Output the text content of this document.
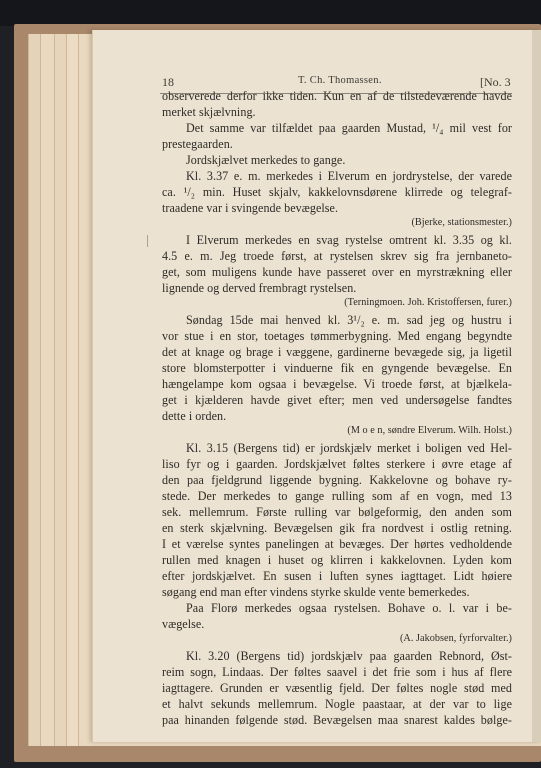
18	T. Ch. Thomassen.	[No. 3
observerede derfor ikke tiden. Kun en af de tilstedeværende havde
merket skjælvning.
Det samme var tilfældet paa gaarden Mustad, ¹/₄ mil vest for
prestegaarden.
Jordskjælvet merkedes to gange.
Kl. 3.37 e. m. merkedes i Elverum en jordrystelse, der varede
ca. ¹/₂ min. Huset skjalv, kakkelovnsdørene klirrede og telegraf-
traadene var i svingende bevægelse.
(Bjerke, stationsmester.)
I Elverum merkedes en svag rystelse omtrent kl. 3.35 og kl.
4.5 e. m. Jeg troede først, at rystelsen skrev sig fra jernbaneto-
get, som muligens kunde have passeret over en myrstrækning eller
lignende og derved frembragt rystelsen.
(Terningmoen. Joh. Kristoffersen, furer.)
Søndag 15de mai henved kl. 3¹/₂ e. m. sad jeg og hustru i
vor stue i en stor, toetages tømmerbygning. Med engang begyndte
det at knage og brage i væggene, gardinerne bevægede sig, ja ligetil
store blomsterpotter i vinduerne fik en gyngende bevægelse. En
hængelampe kom ogsaa i bevægelse. Vi troede først, at bjælkela-
get i kjælderen havde givet efter; men ved undersøgelse fandtes
dette i orden.
(M o e n, søndre Elverum. Wilh. Holst.)
Kl. 3.15 (Bergens tid) er jordskjælv merket i boligen ved Hel-
liso fyr og i gaarden. Jordskjælvet føltes sterkere i øvre etage af
den paa fjeldgrund liggende bygning. Kakkelovne og bohave ry-
stede. Der merkedes to gange rulling som af en vogn, med 13
sek. mellemrum. Første rulling var bølgeformig, den anden som
en sterk skjælvning. Bevægelsen gik fra nordvest i ostlig retning.
I et værelse syntes panelingen at bevæges. Der hørtes vedholdende
rullen med knagen i huset og klirren i kakkelovnen. Lyden kom
efter jordskjælvet. En susen i luften synes iagttaget. Lidt høiere
søgang end man efter vindens styrke skulde vente bemerkedes.
Paa Florø merkedes ogsaa rystelsen. Bohave o. l. var i be-
vægelse.
(A. Jakobsen, fyrforvalter.)
Kl. 3.20 (Bergens tid) jordskjælv paa gaarden Rebnord, Øst-
reim sogn, Lindaas. Der føltes saavel i det frie som i hus af flere
iagttagere. Grunden er væsentlig fjeld. Der føltes nogle stød med
et halvt sekunds mellemrum. Nogle paastaar, at der var to lige
paa hinanden følgende stød. Bevægelsen maa snarest kaldes bølge-
